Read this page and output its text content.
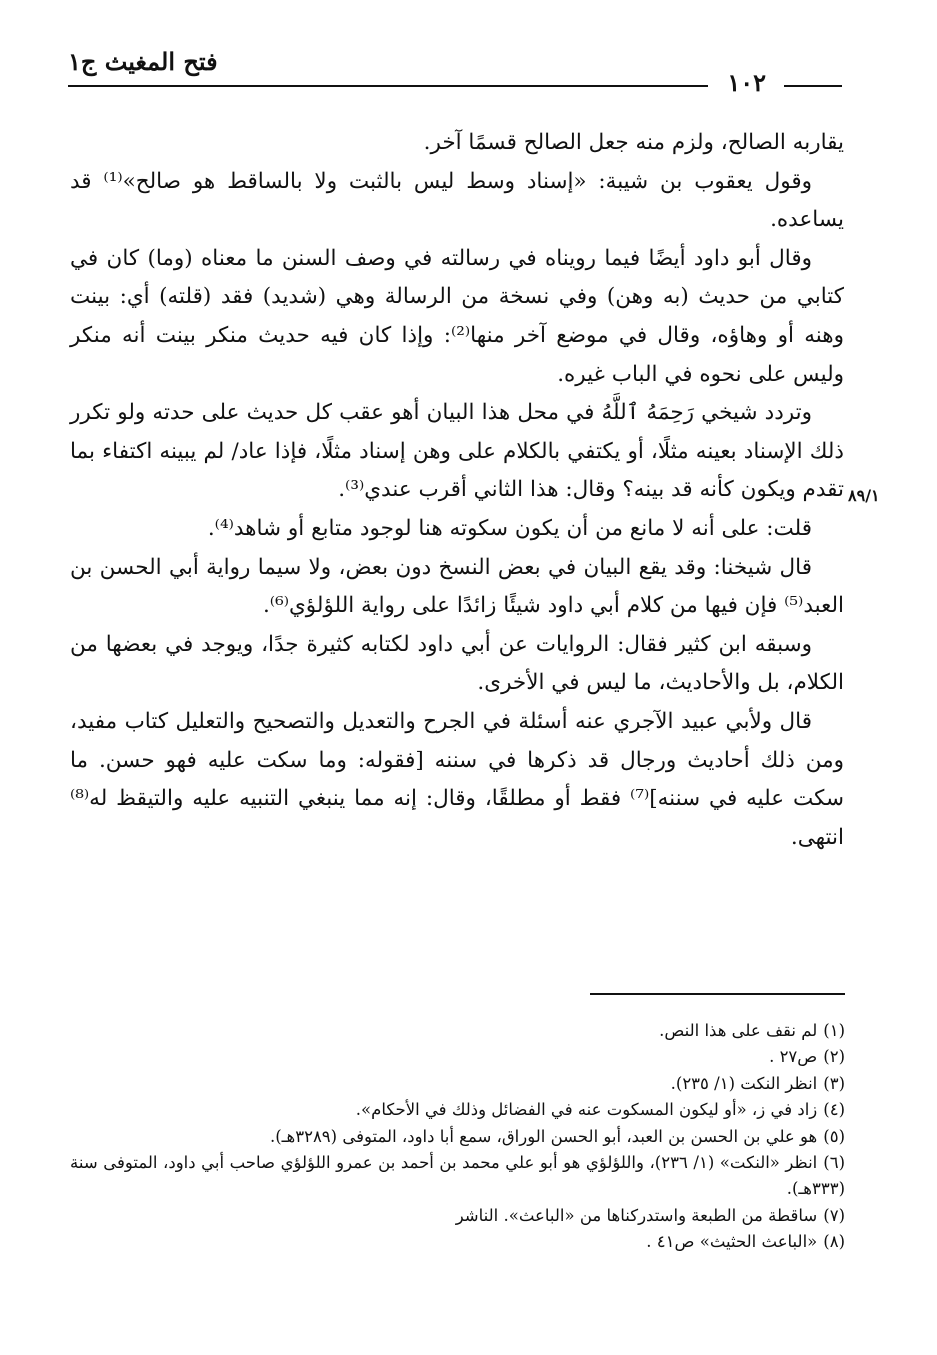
١٠٢
فتح المغيث ج١
٨٩/١

يقاربه الصالح، ولزم منه جعل الصالح قسمًا آخر.

وقول يعقوب بن شيبة: «إسناد وسط ليس بالثبت ولا بالساقط هو صالح»⁽¹⁾ قد يساعده.

وقال أبو داود أيضًا فيما رويناه في رسالته في وصف السنن ما معناه (وما) كان في كتابي من حديث (به وهن) وفي نسخة من الرسالة وهي (شديد) فقد (قلته) أي: بينت وهنه أو وهاؤه، وقال في موضع آخر منها⁽²⁾: وإذا كان فيه حديث منكر بينت أنه منكر وليس على نحوه في الباب غيره.

وتردد شيخي رَحِمَهُ ٱللَّهُ في محل هذا البيان أهو عقب كل حديث على حدته ولو تكرر ذلك الإسناد بعينه مثلًا، أو يكتفي بالكلام على وهن إسناد مثلًا، فإذا عاد/ لم يبينه اكتفاء بما تقدم ويكون كأنه قد بينه؟ وقال: هذا الثاني أقرب عندي⁽³⁾.

قلت: على أنه لا مانع من أن يكون سكوته هنا لوجود متابع أو شاهد⁽⁴⁾.

قال شيخنا: وقد يقع البيان في بعض النسخ دون بعض، ولا سيما رواية أبي الحسن بن العبد⁽⁵⁾ فإن فيها من كلام أبي داود شيئًا زائدًا على رواية اللؤلؤي⁽⁶⁾.

وسبقه ابن كثير فقال: الروايات عن أبي داود لكتابه كثيرة جدًا، ويوجد في بعضها من الكلام، بل والأحاديث، ما ليس في الأخرى.

قال ولأبي عبيد الآجري عنه أسئلة في الجرح والتعديل والتصحيح والتعليل كتاب مفيد، ومن ذلك أحاديث ورجال قد ذكرها في سننه [فقوله: وما سكت عليه فهو حسن. ما سكت عليه في سننه]⁽⁷⁾ فقط أو مطلقًا، وقال: إنه مما ينبغي التنبيه عليه والتيقظ له⁽⁸⁾ انتهى.

(١)لم نقف على هذا النص.
(٢)ص٢٧ .
(٣)انظر النكت (١/ ٢٣٥).
(٤)زاد في ز، «أو ليكون المسكوت عنه في الفضائل وذلك في الأحكام».
(٥)هو علي بن الحسن بن العبد، أبو الحسن الوراق، سمع أبا داود، المتوفى (٣٢٨٩هـ).
(٦)انظر «النكت» (١/ ٢٣٦)، واللؤلؤي هو أبو علي محمد بن أحمد بن عمرو اللؤلؤي صاحب أبي داود، المتوفى سنة (٣٣٣هـ).
(٧)ساقطة من الطبعة واستدركناها من «الباعث». الناشر
(٨)«الباعث الحثيث» ص٤١ .
